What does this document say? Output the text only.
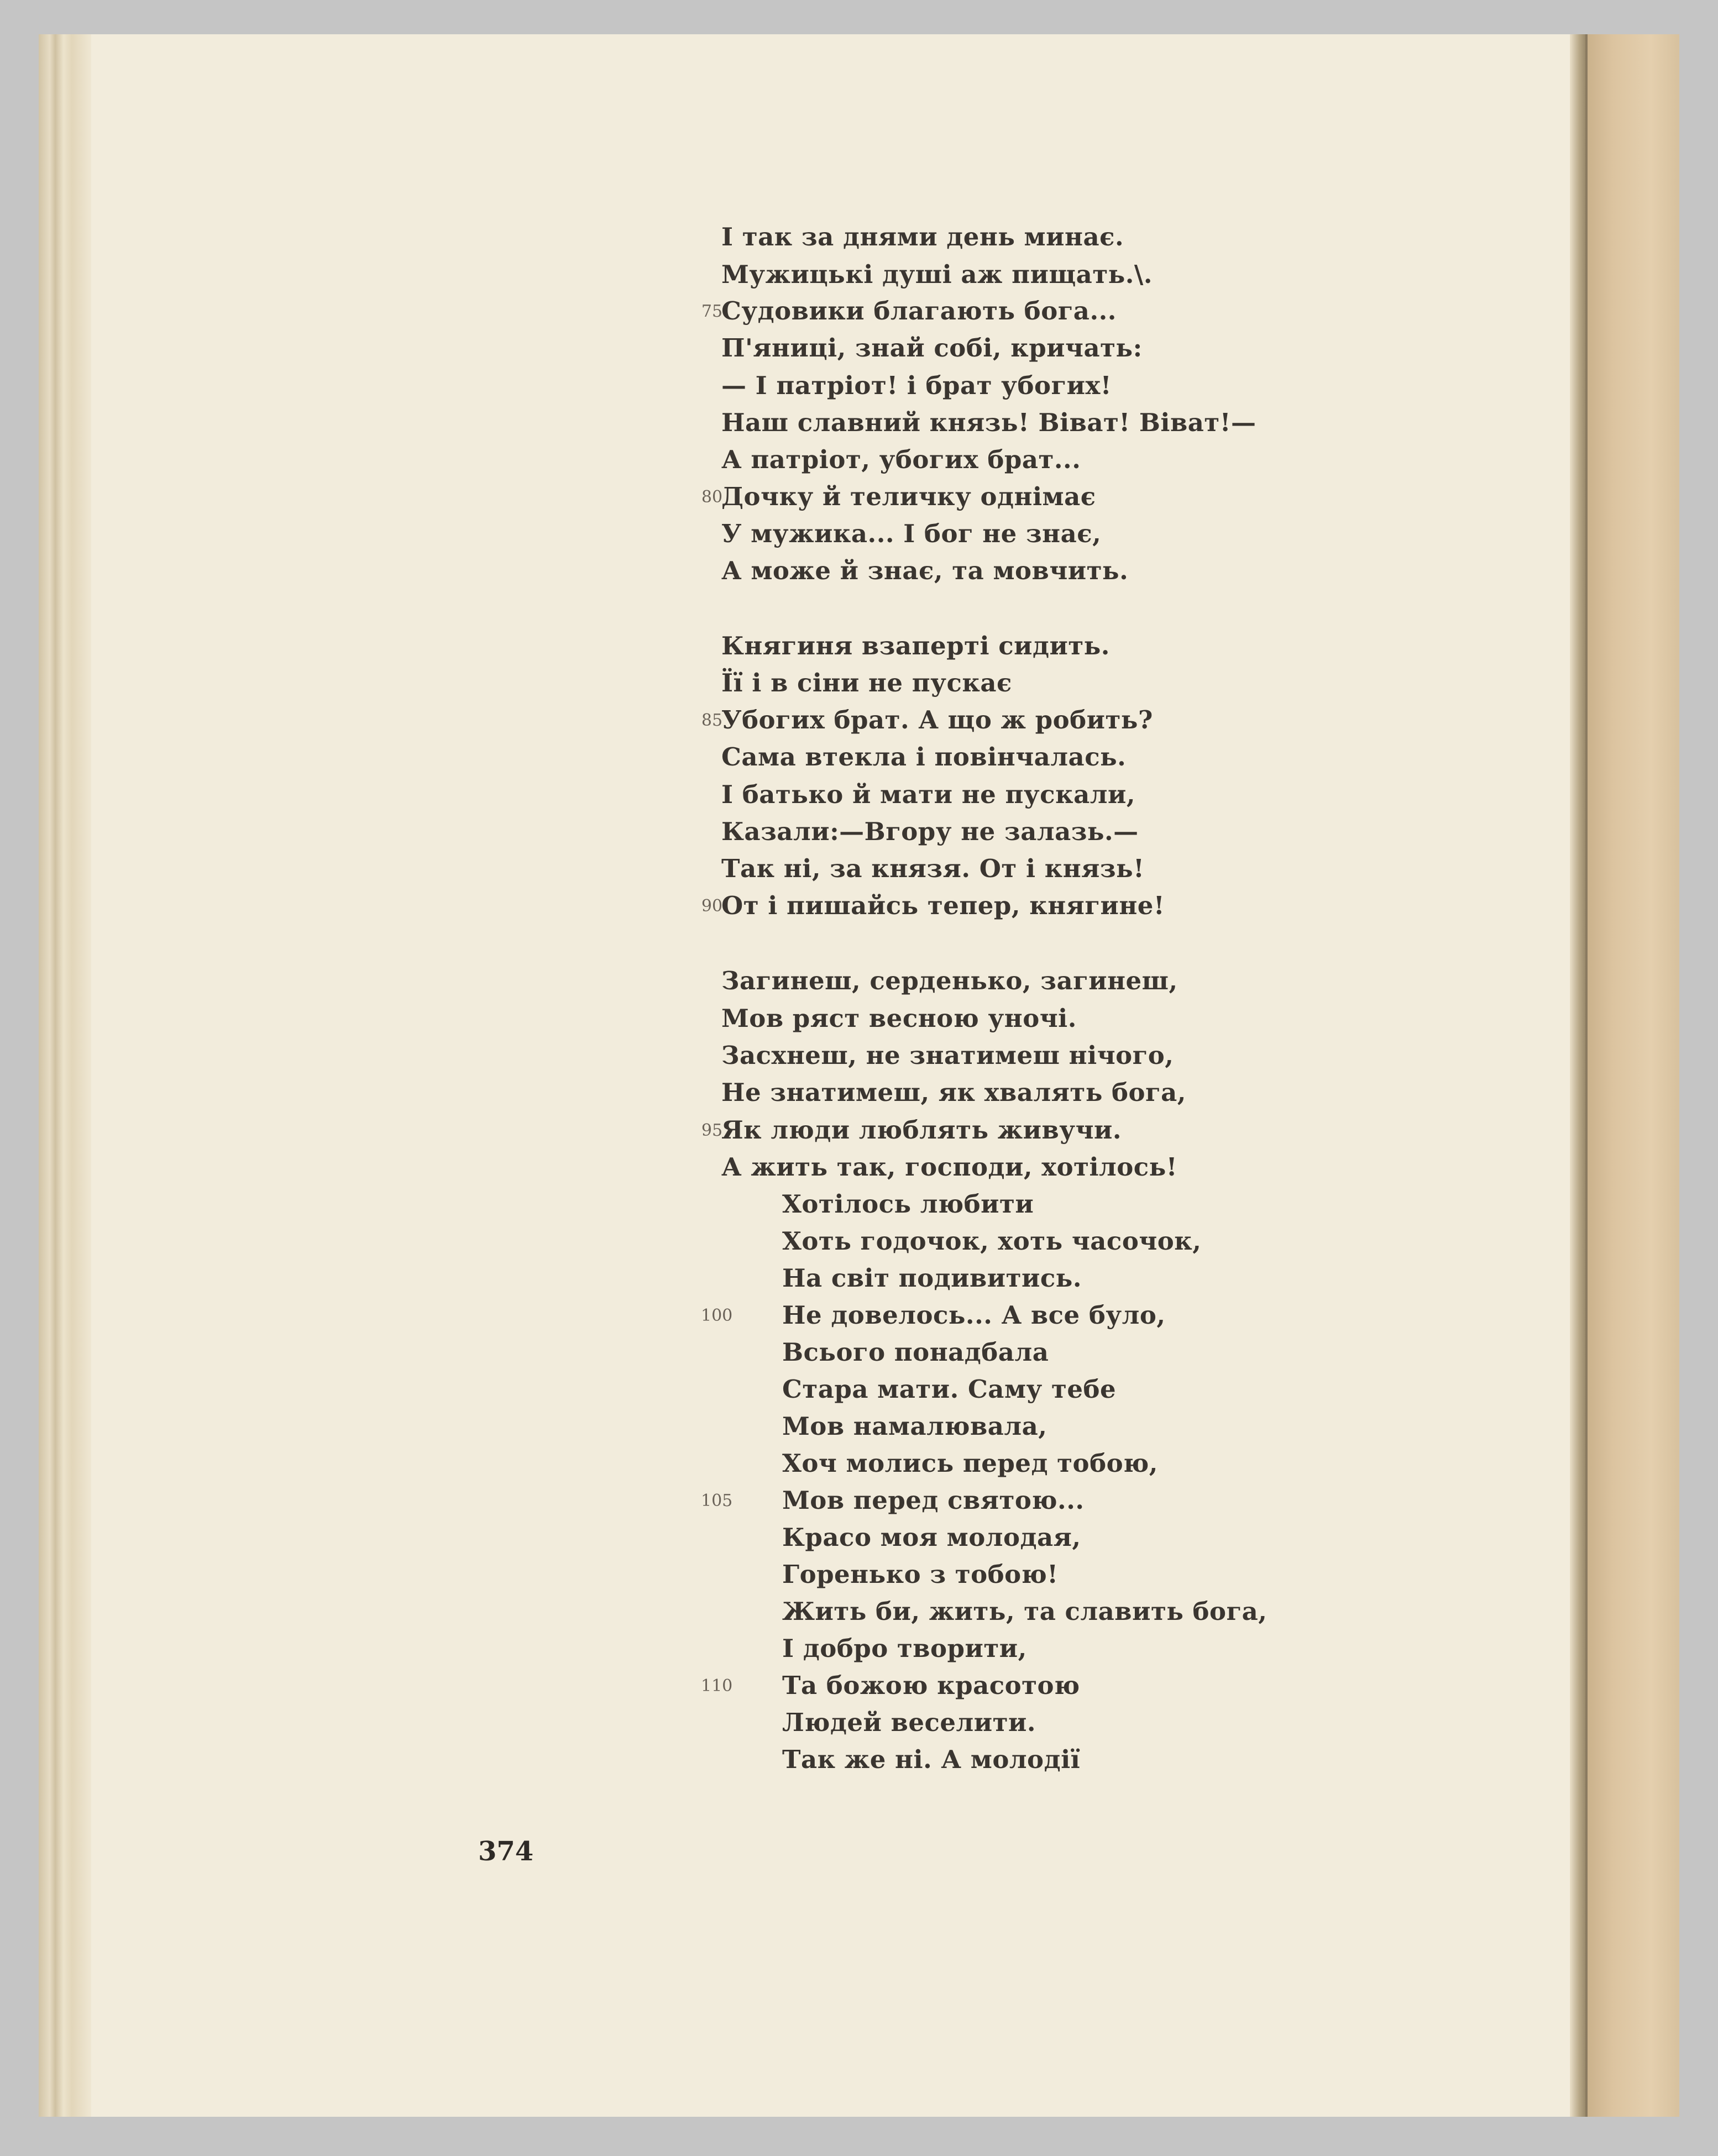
І так за днями день минає.
Мужицькі душі аж пищать.\.
Судовики благають бога...
П'яниці, знай собі, кричать:
— І патріот! і брат убогих!
Наш славний князь! Віват! Віват!—
А патріот, убогих брат...
Дочку й теличку однімає
У мужика... І бог не знає,
А може й знає, та мовчить.
Княгиня взаперті сидить.
Її і в сіни не пускає
Убогих брат. А що ж робить?
Сама втекла і повінчалась.
І батько й мати не пускали,
Казали:—Вгору не залазь.—
Так ні, за князя. От і князь!
От і пишайсь тепер, княгине!
Загинеш, серденько, загинеш,
Мов ряст весною уночі.
Засхнеш, не знатимеш нічого,
Не знатимеш, як хвалять бога,
Як люди люблять живучи.
А жить так, господи, хотілось!
Хотілось любити
Хоть годочок, хоть часочок,
На світ подивитись.
Не довелось... А все було,
Всього понадбала
Стара мати. Саму тебе
Мов намалювала,
Хоч молись перед тобою,
Мов перед святою...
Красо моя молодая,
Гоpенько з тобою!
Жить би, жить, та славить бога,
І добро творити,
Та божою красотою
Людей веселити.
Так же ні. А молодії
75
80
85
90
95
100
105
110
374
